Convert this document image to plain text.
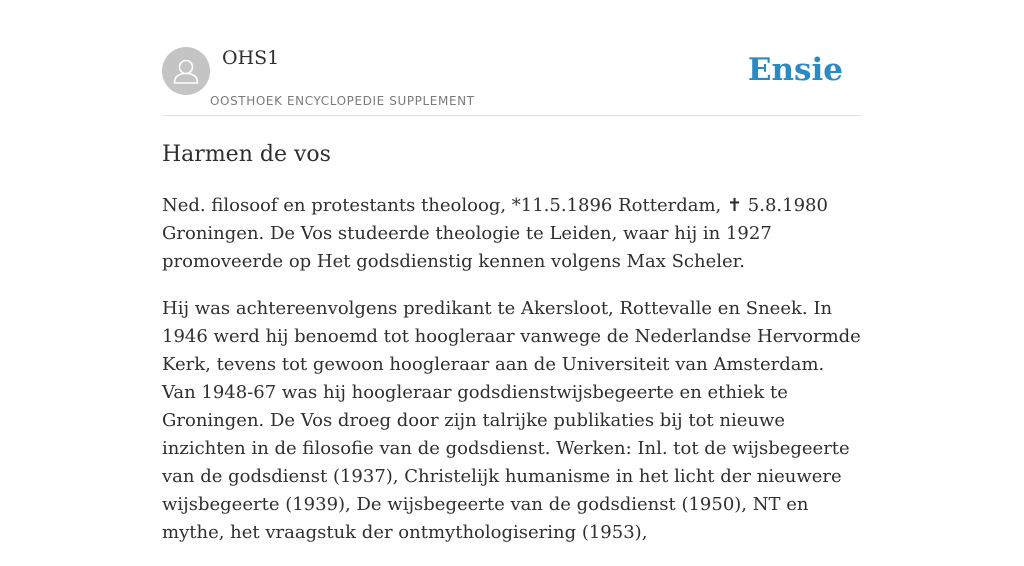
OHS1
OOSTHOEK ENCYCLOPEDIE SUPPLEMENT
Ensie
Harmen de vos

Ned. filosoof en protestants theoloog, *11.5.1896 Rotterdam, ✝ 5.8.1980 Groningen. De Vos studeerde theologie te Leiden, waar hij in 1927 promoveerde op Het godsdienstig kennen volgens Max Scheler.

Hij was achtereenvolgens predikant te Akersloot, Rottevalle en Sneek. In 1946 werd hij benoemd tot hoogleraar vanwege de Nederlandse Hervormde Kerk, tevens tot gewoon hoogleraar aan de Universiteit van Amsterdam. Van 1948-67 was hij hoogleraar godsdienstwijsbegeerte en ethiek te Groningen. De Vos droeg door zijn talrijke publikaties bij tot nieuwe inzichten in de filosofie van de godsdienst. Werken: Inl. tot de wijsbegeerte van de godsdienst (1937), Christelijk humanisme in het licht der nieuwere wijsbegeerte (1939), De wijsbegeerte van de godsdienst (1950), NT en mythe, het vraagstuk der ontmythologisering (1953),
